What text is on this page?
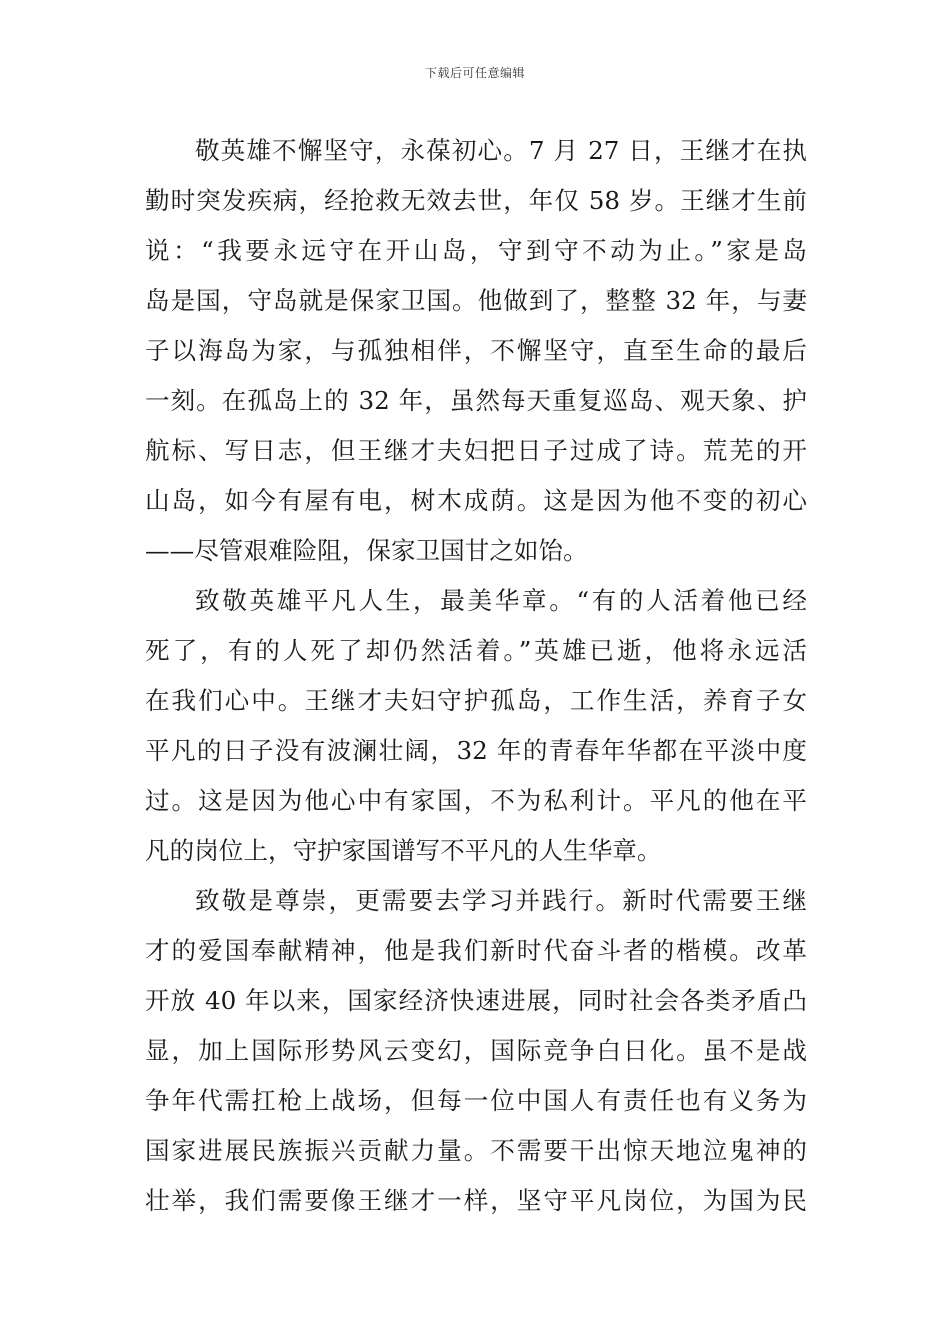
下载后可任意编辑
敬英雄不懈坚守，永葆初心。7 月 27 日，王继才在执
勤时突发疾病，经抢救无效去世，年仅 58 岁。王继才生前
说：“我要永远守在开山岛，守到守不动为止。”家是岛
岛是国，守岛就是保家卫国。他做到了，整整 32 年，与妻
子以海岛为家，与孤独相伴，不懈坚守，直至生命的最后
一刻。在孤岛上的 32 年，虽然每天重复巡岛、观天象、护
航标、写日志，但王继才夫妇把日子过成了诗。荒芜的开
山岛，如今有屋有电，树木成荫。这是因为他不变的初心
——尽管艰难险阻，保家卫国甘之如饴。
致敬英雄平凡人生，最美华章。“有的人活着他已经
死了，有的人死了却仍然活着。”英雄已逝，他将永远活
在我们心中。王继才夫妇守护孤岛，工作生活，养育子女
平凡的日子没有波澜壮阔，32 年的青春年华都在平淡中度
过。这是因为他心中有家国，不为私利计。平凡的他在平
凡的岗位上，守护家国谱写不平凡的人生华章。
致敬是尊崇，更需要去学习并践行。新时代需要王继
才的爱国奉献精神，他是我们新时代奋斗者的楷模。改革
开放 40 年以来，国家经济快速进展，同时社会各类矛盾凸
显，加上国际形势风云变幻，国际竞争白日化。虽不是战
争年代需扛枪上战场，但每一位中国人有责任也有义务为
国家进展民族振兴贡献力量。不需要干出惊天地泣鬼神的
壮举，我们需要像王继才一样，坚守平凡岗位，为国为民
